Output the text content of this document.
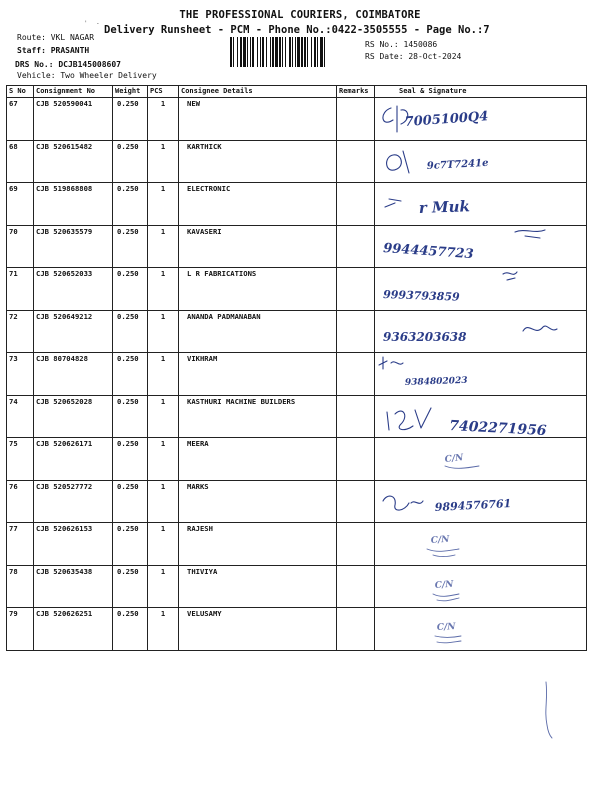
THE PROFESSIONAL COURIERS, COIMBATORE
Delivery Runsheet - PCM - Phone No.:0422-3505555 - Page No.:7
Route: VKL NAGAR
Staff: PRASANTH
DRS No.: DCJB145008607
Vehicle: Two Wheeler Delivery
RS No.: 1450086
RS Date: 28-Oct-2024
' -
S No	Consignment No	Weight	PCS	Consignee Details	Remarks	Seal & Signature
67	CJB 520590041	0.250	1	NEW		7005100Q4

68	CJB 520615482	0.250	1	KARTHICK		9c7T7241e

69	CJB 519868808	0.250	1	ELECTRONIC		r Muk

70	CJB 520635579	0.250	1	KAVASERI		9944457723

71	CJB 520652033	0.250	1	L R FABRICATIONS		9993793859

72	CJB 520649212	0.250	1	ANANDA PADMANABAN		9363203638

73	CJB 80704828	0.250	1	VIKHRAM		9384802023

74	CJB 520652028	0.250	1	KASTHURI MACHINE BUILDERS		7402271956

75	CJB 520626171	0.250	1	MEERA		C/N

76	CJB 520527772	0.250	1	MARKS		9894576761

77	CJB 520626153	0.250	1	RAJESH		C/N

78	CJB 520635438	0.250	1	THIVIYA		C/N

79	CJB 520626251	0.250	1	VELUSAMY		C/N
